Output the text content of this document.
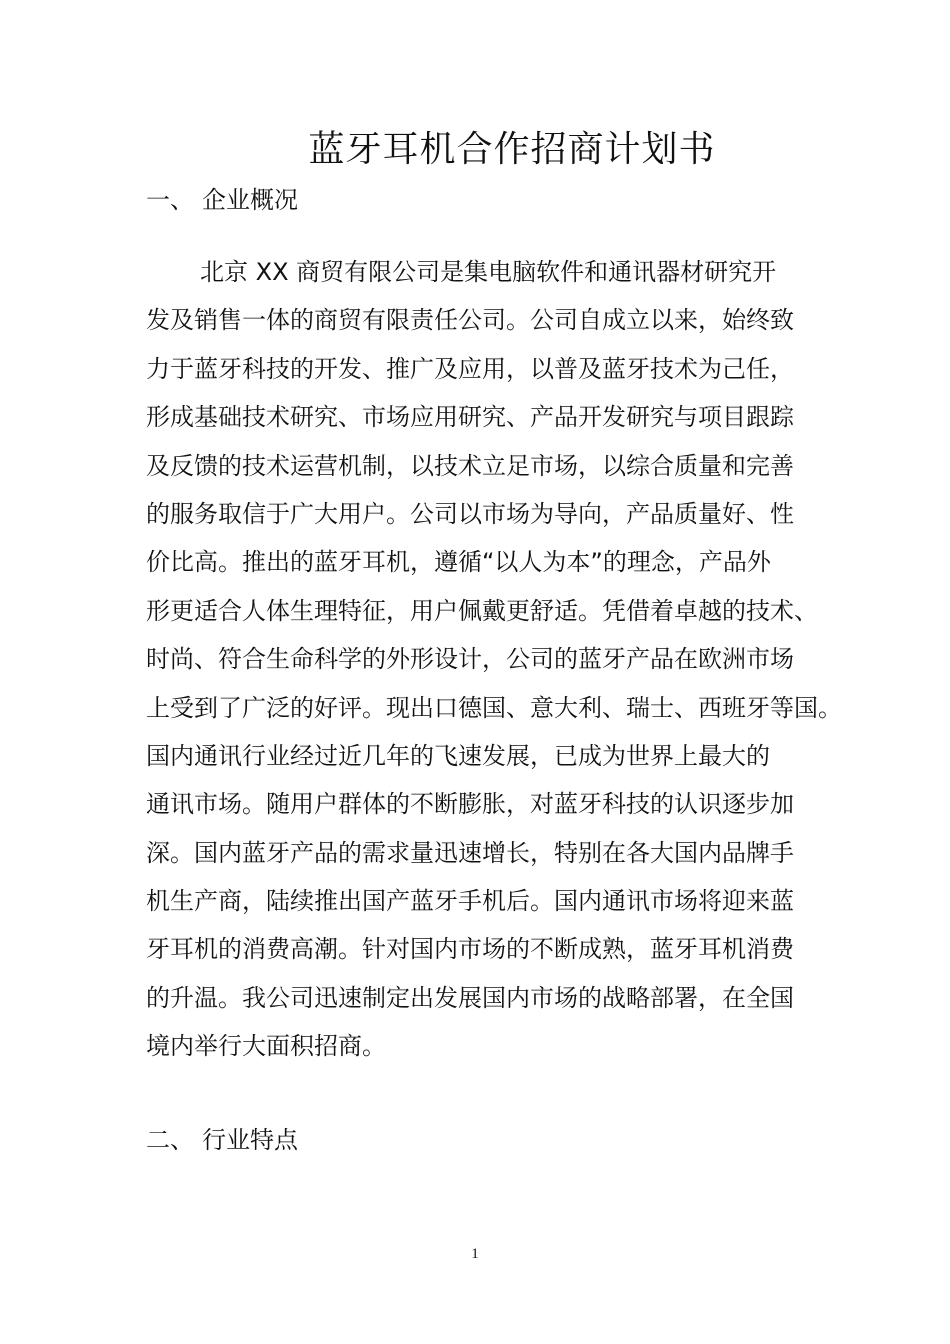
蓝牙耳机合作招商计划书
一、 企业概况
北京 XX 商贸有限公司是集电脑软件和通讯器材研究开
发及销售一体的商贸有限责任公司。公司自成立以来，始终致
力于蓝牙科技的开发、推广及应用，以普及蓝牙技术为己任，
形成基础技术研究、市场应用研究、产品开发研究与项目跟踪
及反馈的技术运营机制，以技术立足市场，以综合质量和完善
的服务取信于广大用户。公司以市场为导向，产品质量好、性
价比高。推出的蓝牙耳机，遵循“以人为本”的理念，产品外
形更适合人体生理特征，用户佩戴更舒适。凭借着卓越的技术、
时尚、符合生命科学的外形设计，公司的蓝牙产品在欧洲市场
上受到了广泛的好评。现出口德国、意大利、瑞士、西班牙等国。
国内通讯行业经过近几年的飞速发展，已成为世界上最大的
通讯市场。随用户群体的不断膨胀，对蓝牙科技的认识逐步加
深。国内蓝牙产品的需求量迅速增长，特别在各大国内品牌手
机生产商，陆续推出国产蓝牙手机后。国内通讯市场将迎来蓝
牙耳机的消费高潮。针对国内市场的不断成熟，蓝牙耳机消费
的升温。我公司迅速制定出发展国内市场的战略部署，在全国
境内举行大面积招商。
二、 行业特点
1
